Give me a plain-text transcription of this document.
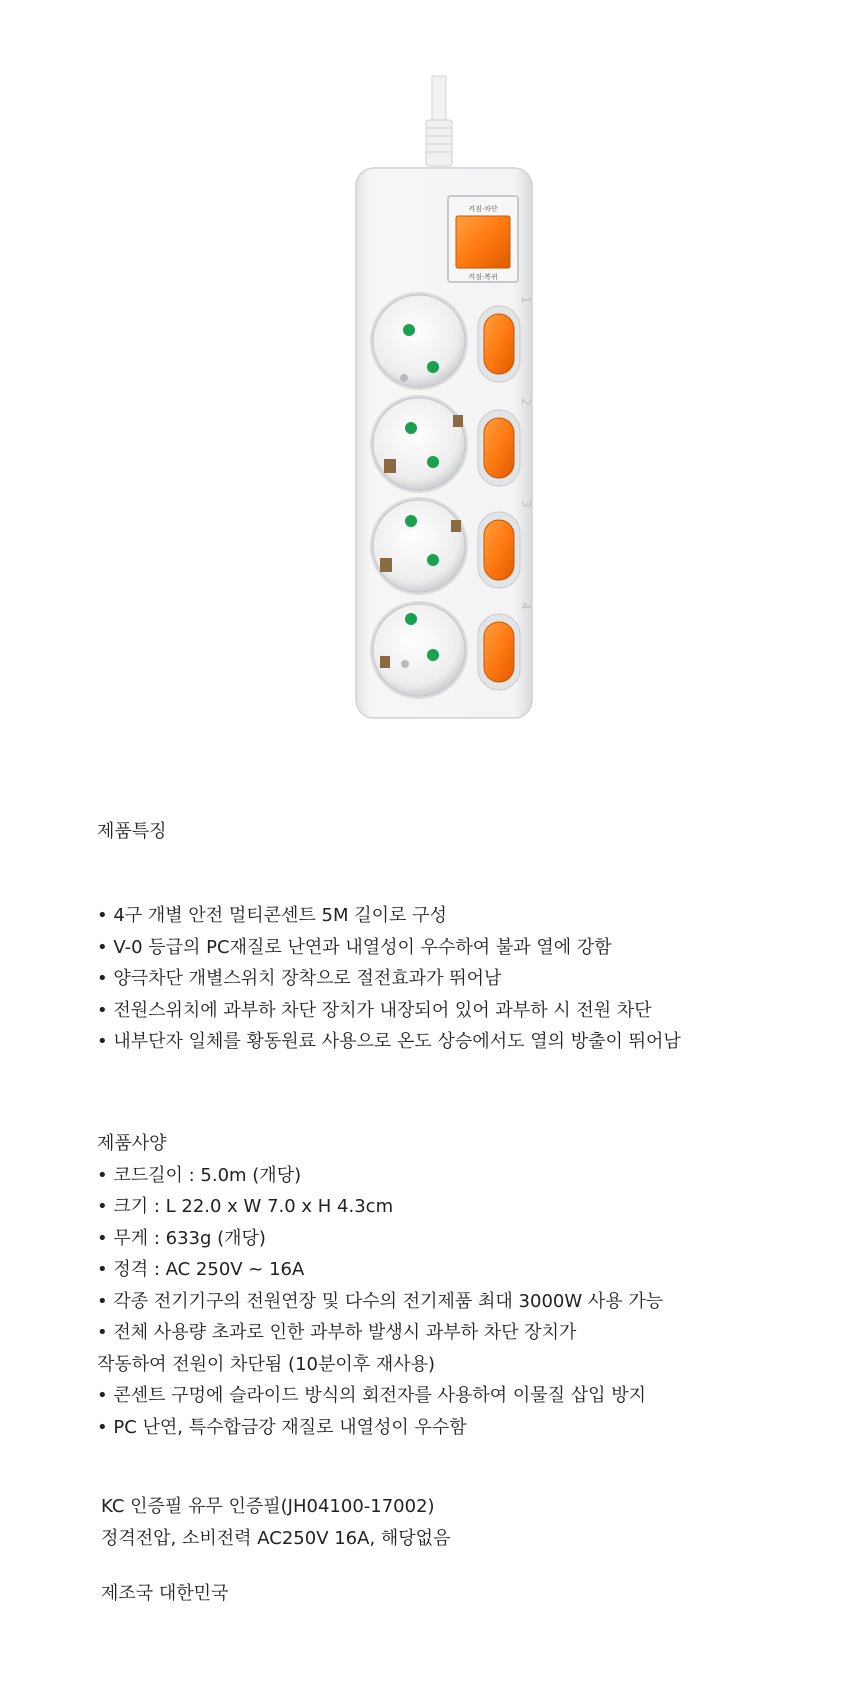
켜짐·차단
켜짐·복귀
1
2
3
4
제품특징
• 4구 개별 안전 멀티콘센트 5M 길이로 구성
• V-0 등급의 PC재질로 난연과 내열성이 우수하여 불과 열에 강함
• 양극차단 개별스위치 장착으로 절전효과가 뛰어남
• 전원스위치에 과부하 차단 장치가 내장되어 있어 과부하 시 전원 차단
• 내부단자 일체를 황동원료 사용으로 온도 상승에서도 열의 방출이 뛰어남
제품사양
• 코드길이 : 5.0m (개당)
• 크기 : L 22.0 x W 7.0 x H 4.3cm
• 무게 : 633g (개당)
• 정격 : AC 250V ~ 16A
• 각종 전기기구의 전원연장 및 다수의 전기제품 최대 3000W 사용 가능
• 전체 사용량 초과로 인한 과부하 발생시 과부하 차단 장치가
작동하여 전원이 차단됨 (10분이후 재사용)
• 콘센트 구멍에 슬라이드 방식의 회전자를 사용하여 이물질 삽입 방지
• PC 난연, 특수합금강 재질로 내열성이 우수함
KC 인증필 유무 인증필(JH04100-17002)
정격전압, 소비전력 AC250V 16A, 해당없음
제조국 대한민국
